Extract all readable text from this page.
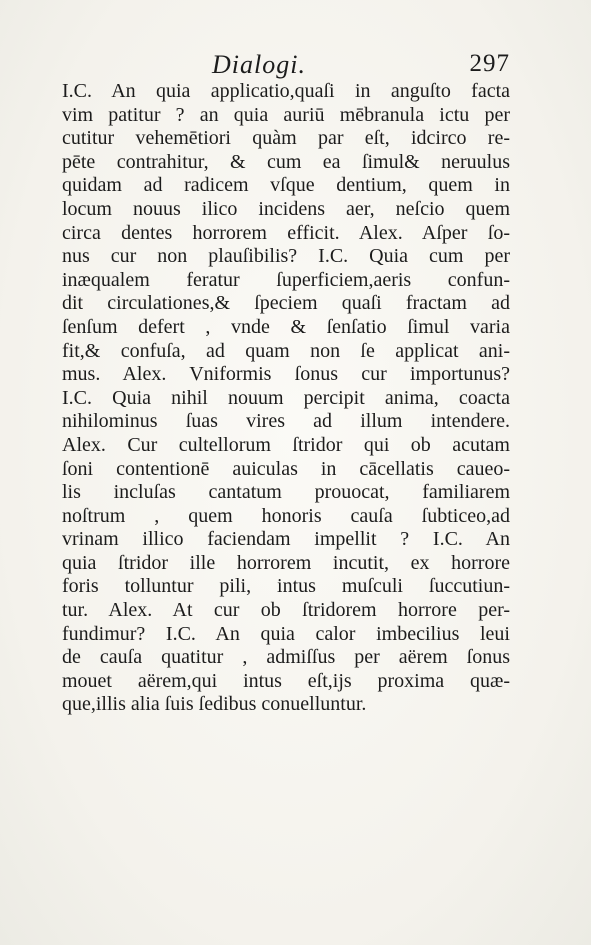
Dialogi.	297
I.C. An quia applicatio,quaſi in anguſto facta
vim patitur ? an quia auriū mēbranula ictu per
cutitur vehemētiori quàm par eſt, idcirco re-
pēte contrahitur, & cum ea ſimul& neruulus
quidam ad radicem vſque dentium, quem in
locum nouus ilico incidens aer, neſcio quem
circa dentes horrorem efficit. Alex. Aſper ſo-
nus cur non plauſibilis? I.C. Quia cum per
inæqualem feratur ſuperficiem,aeris confun-
dit circulationes,& ſpeciem quaſi fractam ad
ſenſum defert , vnde & ſenſatio ſimul varia
fit,& confuſa, ad quam non ſe applicat ani-
mus. Alex. Vniformis ſonus cur importunus?
I.C. Quia nihil nouum percipit anima, coacta
nihilominus ſuas vires ad illum intendere.
Alex. Cur cultellorum ſtridor qui ob acutam
ſoni contentionē auiculas in cācellatis caueo-
lis incluſas cantatum prouocat, familiarem
noſtrum , quem honoris cauſa ſubticeo,ad
vrinam illico faciendam impellit ? I.C. An
quia ſtridor ille horrorem incutit, ex horrore
foris tolluntur pili, intus muſculi ſuccutiun-
tur. Alex. At cur ob ſtridorem horrore per-
fundimur? I.C. An quia calor imbecilius leui
de cauſa quatitur , admiſſus per aërem ſonus
mouet aërem,qui intus eſt,ijs proxima quæ-
que,illis alia ſuis ſedibus conuelluntur.
